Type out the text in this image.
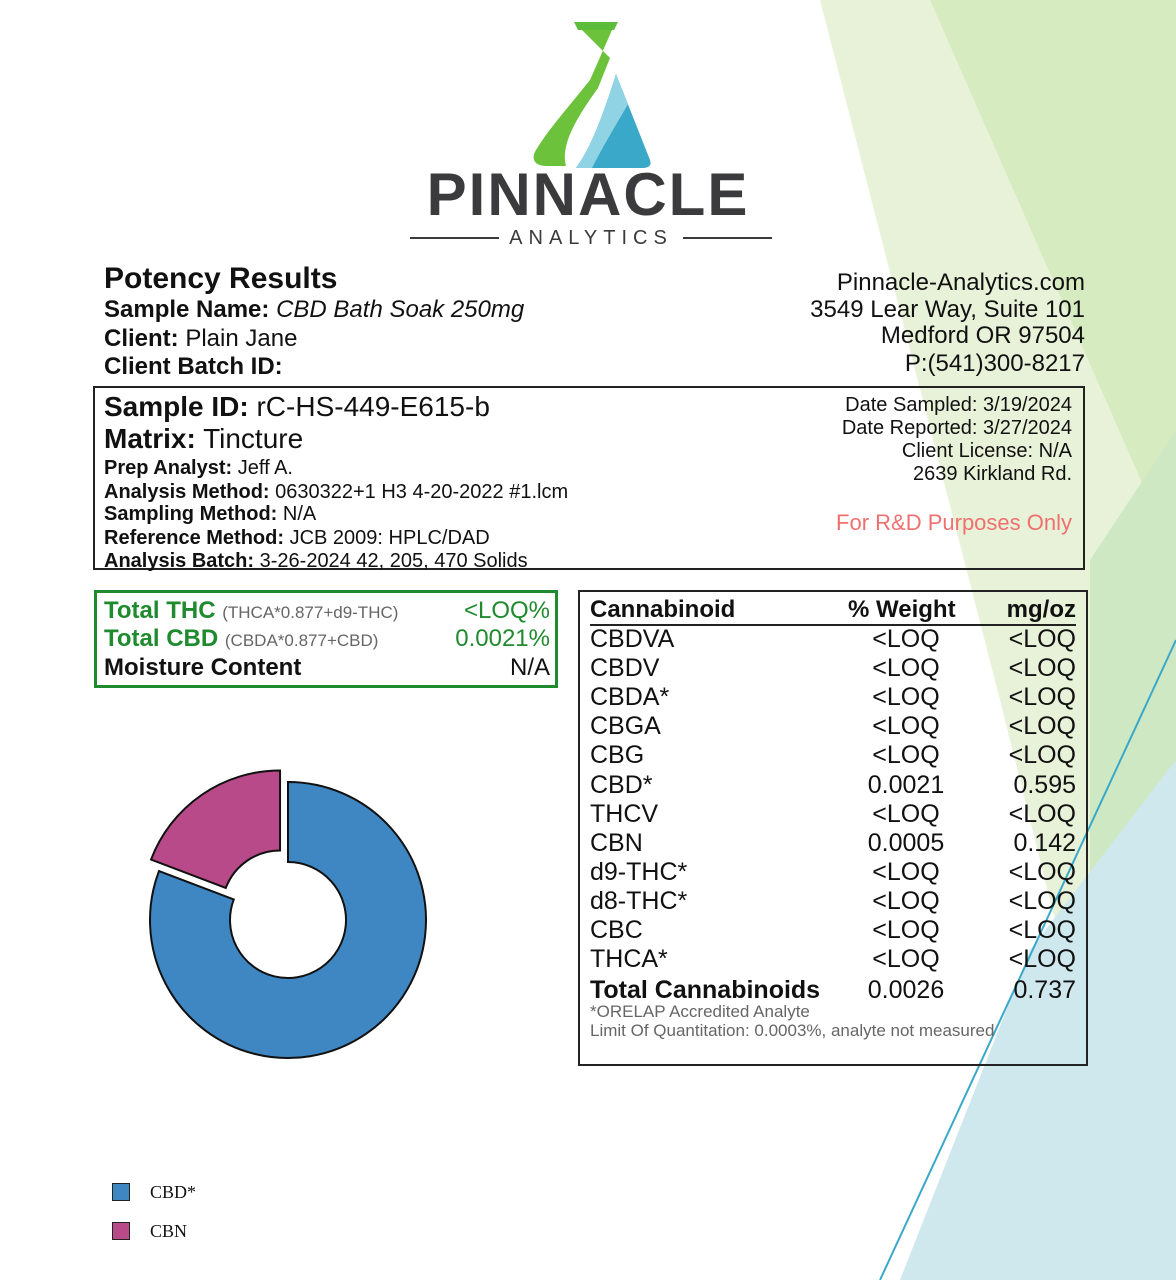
PINNACLE
ANALYTICS
Potency Results
Sample Name: CBD Bath Soak 250mg
Client: Plain Jane
Client Batch ID:
Pinnacle-Analytics.com
3549 Lear Way, Suite 101
Medford OR 97504
P:(541)300-8217
Sample ID: rC-HS-449-E615-b
Matrix: Tincture
Prep Analyst: Jeff A.
Analysis Method: 0630322+1 H3 4-20-2022 #1.lcm
Sampling Method: N/A
Reference Method: JCB 2009: HPLC/DAD
Analysis Batch: 3-26-2024 42, 205, 470 Solids
Date Sampled: 3/19/2024
Date Reported: 3/27/2024
Client License: N/A
2639 Kirkland Rd.
For R&D Purposes Only
Total THC (THCA*0.877+d9-THC)	<LOQ%
Total CBD (CBDA*0.877+CBD)	0.0021%
Moisture Content	N/A
Cannabinoid	% Weight mg/oz
CBDVA	<LOQ	<LOQ
CBDV	<LOQ	<LOQ
CBDA*	<LOQ	<LOQ
CBGA	<LOQ	<LOQ
CBG	<LOQ	<LOQ
CBD*	0.0021	0.595
THCV	<LOQ	<LOQ
CBN	0.0005	0.142
d9-THC*	<LOQ	<LOQ
d8-THC*	<LOQ	<LOQ
CBC	<LOQ	<LOQ
THCA*	<LOQ	<LOQ
Total Cannabinoids	0.0026	0.737
*ORELAP Accredited Analyte
Limit Of Quantitation: 0.0003%, analyte not measured
CBD*
CBN
